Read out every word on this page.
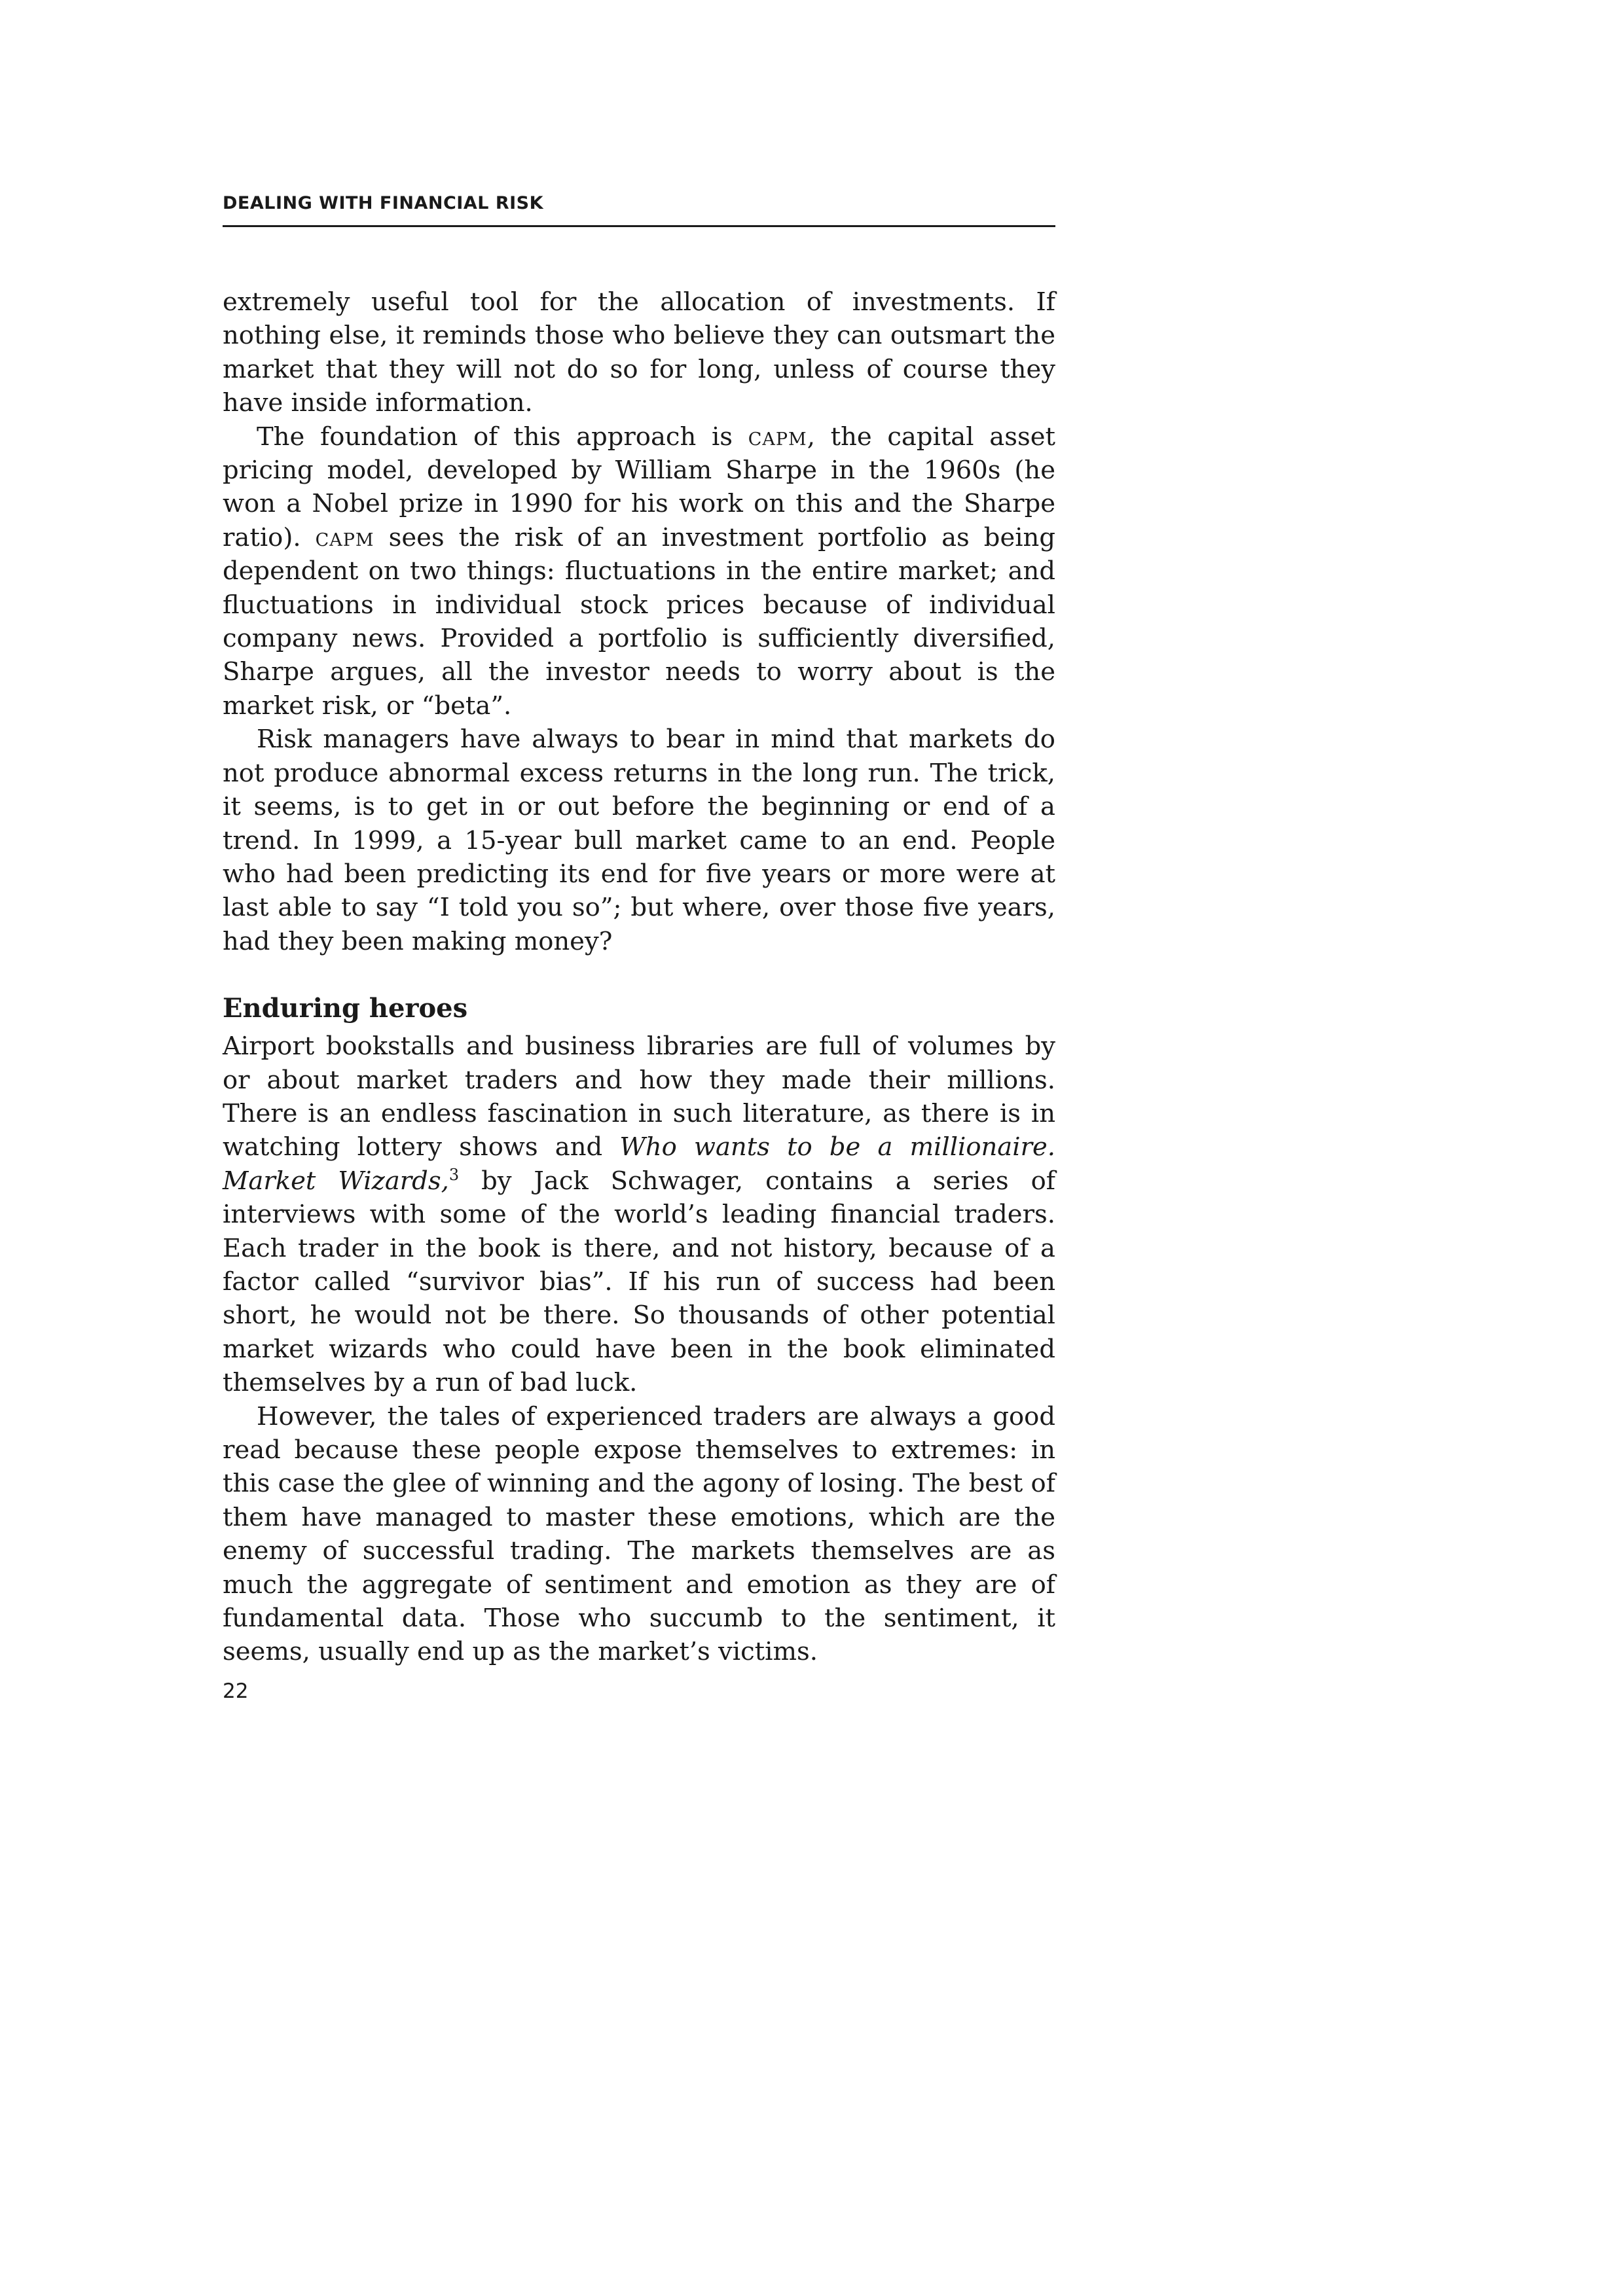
DEALING WITH FINANCIAL RISK

extremely useful tool for the allocation of investments. If nothing else, it reminds those who believe they can outsmart the market that they will not do so for long, unless of course they have inside information.

The foundation of this approach is capm, the capital asset pricing model, developed by William Sharpe in the 1960s (he won a Nobel prize in 1990 for his work on this and the Sharpe ratio). capm sees the risk of an investment portfolio as being dependent on two things: fluctuations in the entire market; and fluctuations in individual stock prices because of individual company news. Provided a portfolio is sufficiently diversified, Sharpe argues, all the investor needs to worry about is the market risk, or “beta”.

Risk managers have always to bear in mind that markets do not produce abnormal excess returns in the long run. The trick, it seems, is to get in or out before the beginning or end of a trend. In 1999, a 15-year bull market came to an end. People who had been predicting its end for five years or more were at last able to say “I told you so”; but where, over those five years, had they been making money?

Enduring heroes

Airport bookstalls and business libraries are full of volumes by or about market traders and how they made their millions. There is an endless fascination in such literature, as there is in watching lottery shows and Who wants to be a millionaire. Market Wizards,$^3$ by Jack Schwager, contains a series of interviews with some of the world’s leading financial traders. Each trader in the book is there, and not history, because of a factor called “survivor bias”. If his run of success had been short, he would not be there. So thousands of other potential market wizards who could have been in the book eliminated themselves by a run of bad luck.

However, the tales of experienced traders are always a good read because these people expose themselves to extremes: in this case the glee of winning and the agony of losing. The best of them have managed to master these emotions, which are the enemy of successful trading. The markets themselves are as much the aggregate of sentiment and emotion as they are of fundamental data. Those who succumb to the sentiment, it seems, usually end up as the market’s victims.

22
